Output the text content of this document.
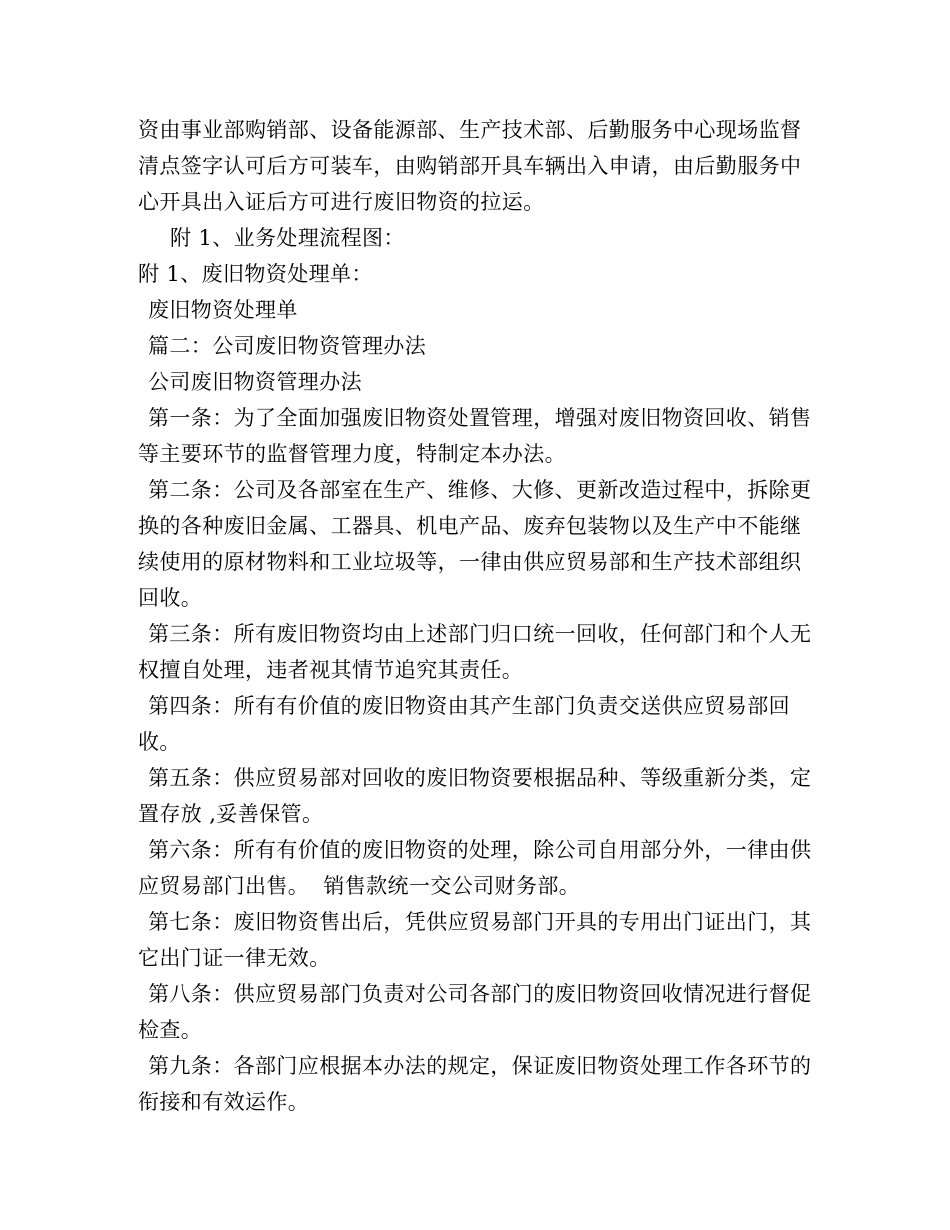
资由事业部购销部、设备能源部、生产技术部、后勤服务中心现场监督清点签字认可后方可装车，由购销部开具车辆出入申请，由后勤服务中心开具出入证后方可进行废旧物资的拉运。

附 1、业务处理流程图：

附 1、废旧物资处理单：

废旧物资处理单

篇二：公司废旧物资管理办法

公司废旧物资管理办法

第一条：为了全面加强废旧物资处置管理，增强对废旧物资回收、销售等主要环节的监督管理力度，特制定本办法。

第二条：公司及各部室在生产、维修、大修、更新改造过程中，拆除更换的各种废旧金属、工器具、机电产品、废弃包装物以及生产中不能继续使用的原材物料和工业垃圾等，一律由供应贸易部和生产技术部组织回收。

第三条：所有废旧物资均由上述部门归口统一回收，任何部门和个人无权擅自处理，违者视其情节追究其责任。

第四条：所有有价值的废旧物资由其产生部门负责交送供应贸易部回收。

第五条：供应贸易部对回收的废旧物资要根据品种、等级重新分类，定置存放 ,妥善保管。

第六条：所有有价值的废旧物资的处理，除公司自用部分外，一律由供应贸易部门出售。  销售款统一交公司财务部。

第七条：废旧物资售出后，凭供应贸易部门开具的专用出门证出门，其它出门证一律无效。

第八条：供应贸易部门负责对公司各部门的废旧物资回收情况进行督促检查。

第九条：各部门应根据本办法的规定，保证废旧物资处理工作各环节的衔接和有效运作。
